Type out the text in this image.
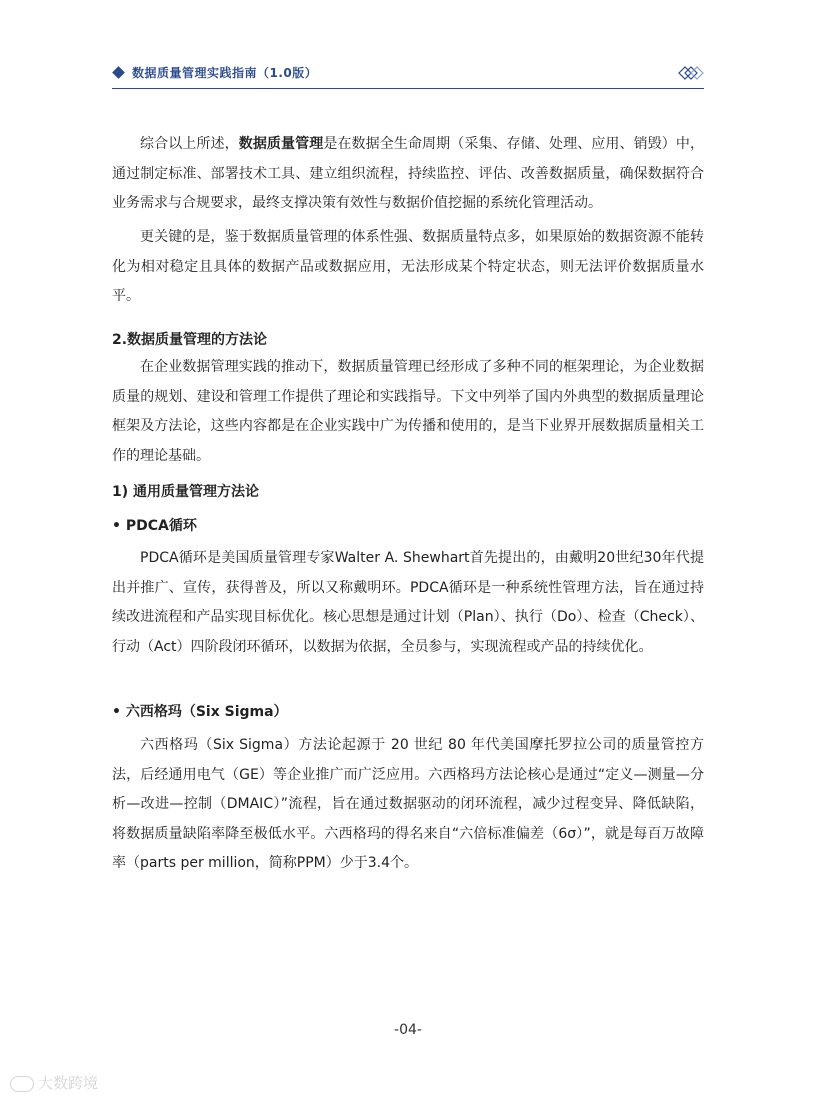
数据质量管理实践指南（1.0版）
综合以上所述，数据质量管理是在数据全生命周期（采集、存储、处理、应用、销毁）中，通过制定标准、部署技术工具、建立组织流程，持续监控、评估、改善数据质量，确保数据符合业务需求与合规要求，最终支撑决策有效性与数据价值挖掘的系统化管理活动。
更关键的是，鉴于数据质量管理的体系性强、数据质量特点多，如果原始的数据资源不能转化为相对稳定且具体的数据产品或数据应用，无法形成某个特定状态，则无法评价数据质量水平。
2.数据质量管理的方法论
在企业数据管理实践的推动下，数据质量管理已经形成了多种不同的框架理论，为企业数据质量的规划、建设和管理工作提供了理论和实践指导。下文中列举了国内外典型的数据质量理论框架及方法论，这些内容都是在企业实践中广为传播和使用的，是当下业界开展数据质量相关工作的理论基础。
1) 通用质量管理方法论
• PDCA循环
PDCA循环是美国质量管理专家Walter A. Shewhart首先提出的，由戴明20世纪30年代提出并推广、宣传，获得普及，所以又称戴明环。PDCA循环是一种系统性管理方法，旨在通过持续改进流程和产品实现目标优化。核心思想是通过计划（Plan）、执行（Do）、检查（Check）、行动（Act）四阶段闭环循环，以数据为依据，全员参与，实现流程或产品的持续优化。
• 六西格玛（Six Sigma）
六西格玛（Six Sigma）方法论起源于 20 世纪 80 年代美国摩托罗拉公司的质量管控方法，后经通用电气（GE）等企业推广而广泛应用。六西格玛方法论核心是通过“定义—测量—分析—改进—控制（DMAIC）”流程，旨在通过数据驱动的闭环流程，减少过程变异、降低缺陷，将数据质量缺陷率降至极低水平。六西格玛的得名来自“六倍标准偏差（6σ）”，就是每百万故障率（parts per million，简称PPM）少于3.4个。
-04-
大数跨境
